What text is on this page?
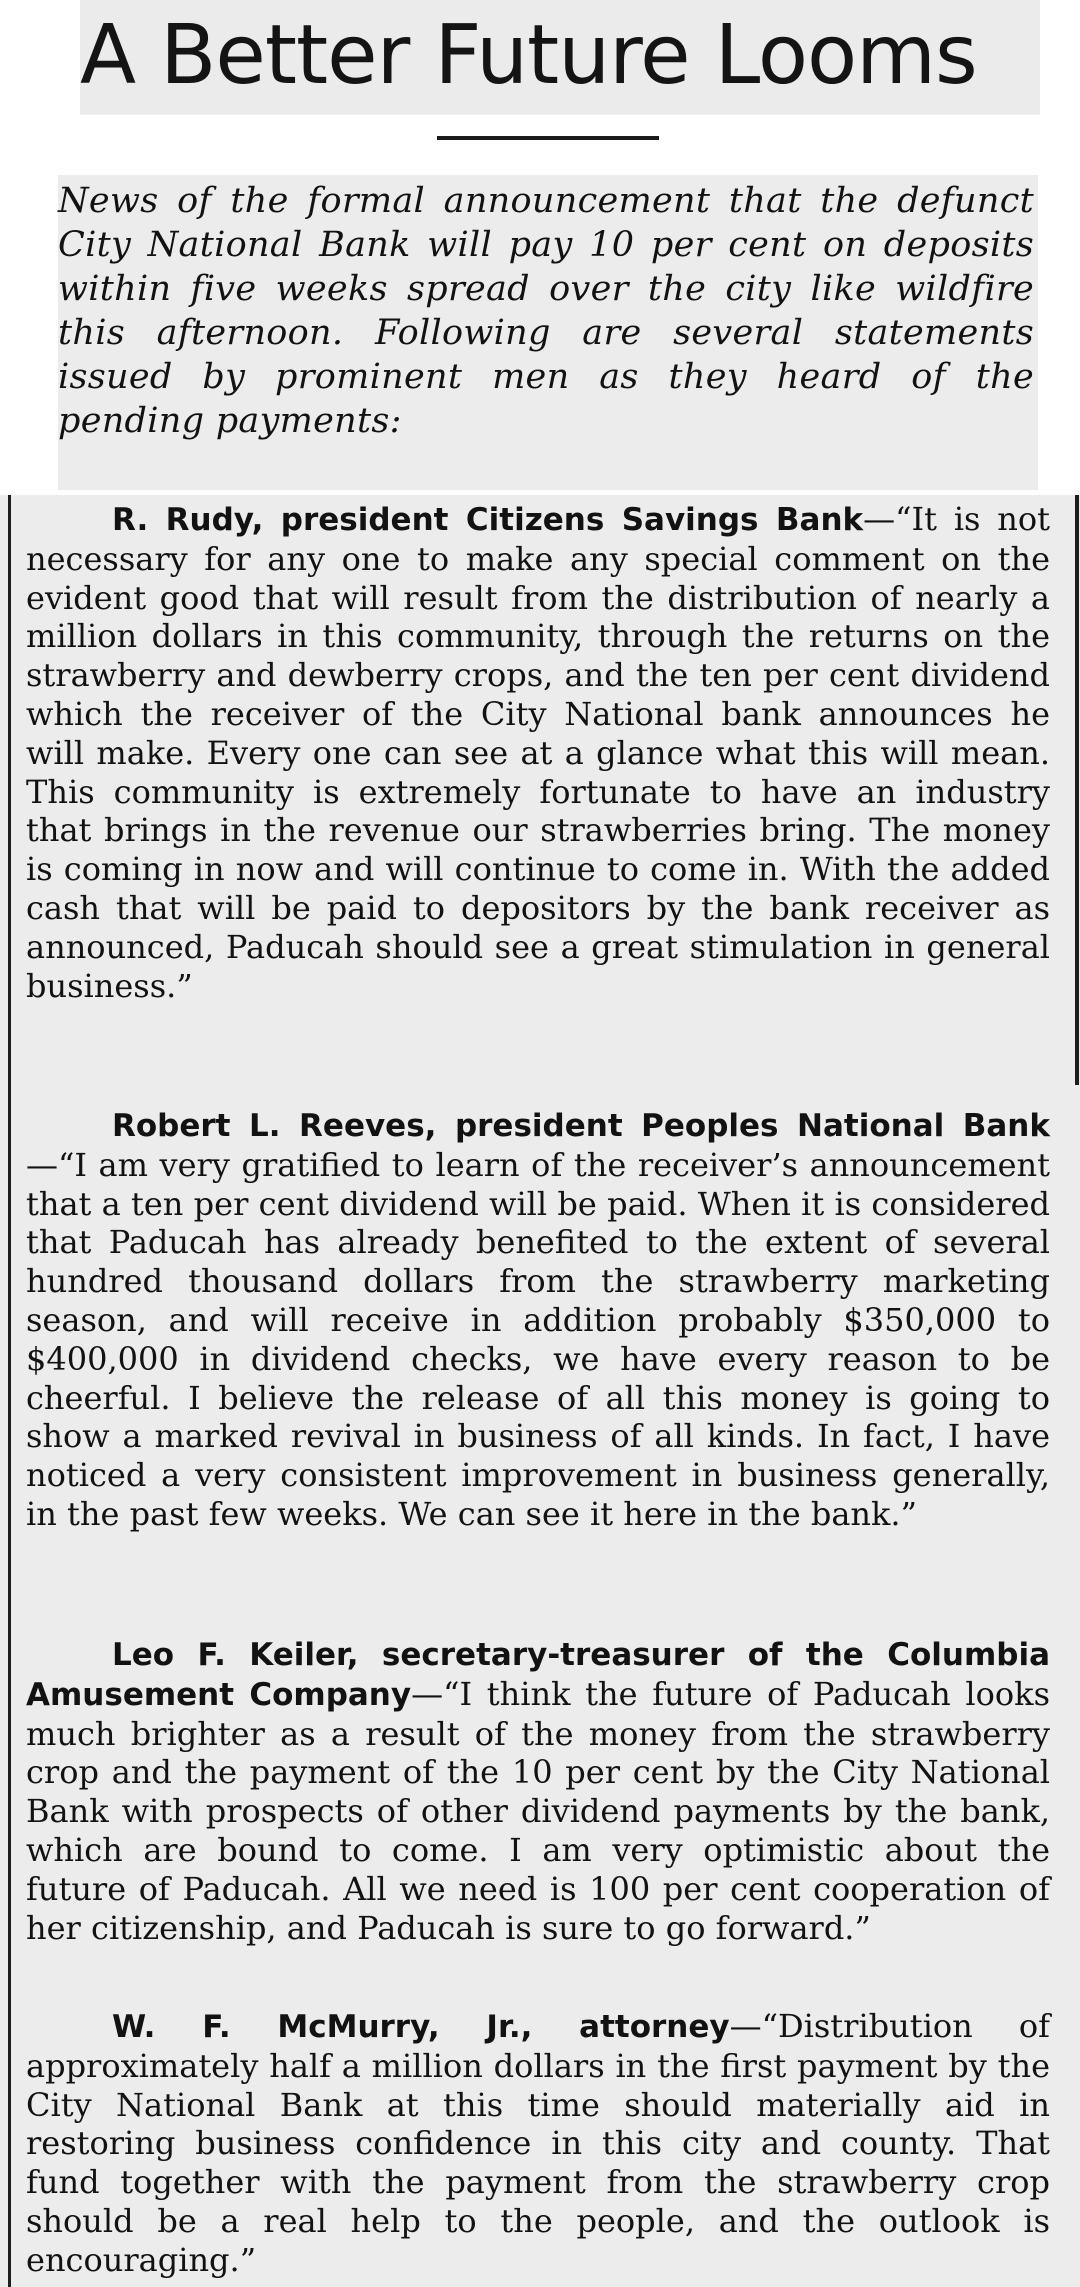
A Better Future Looms
News of the formal announcement that the defunct City National Bank will pay 10 per cent on deposits within five weeks spread over the city like wildfire this afternoon. Following are several statements issued by prominent men as they heard of the pending payments:

R. Rudy, president Citizens Savings Bank—“It is not necessary for any one to make any special comment on the evident good that will result from the distribution of nearly a million dollars in this community, through the returns on the strawberry and dewberry crops, and the ten per cent dividend which the receiver of the City National bank announces he will make. Every one can see at a glance what this will mean. This community is extremely fortunate to have an industry that brings in the revenue our strawberries bring. The money is coming in now and will continue to come in. With the added cash that will be paid to depositors by the bank receiver as announced, Paducah should see a great stimulation in general business.”

Robert L. Reeves, president Peoples National Bank—“I am very gratified to learn of the receiver’s announcement that a ten per cent dividend will be paid. When it is considered that Paducah has already benefited to the extent of several hundred thousand dollars from the strawberry marketing season, and will receive in addition probably $350,000 to $400,000 in dividend checks, we have every reason to be cheerful. I believe the release of all this money is going to show a marked revival in business of all kinds. In fact, I have noticed a very consistent improvement in business generally, in the past few weeks. We can see it here in the bank.”

Leo F. Keiler, secretary-treasurer of the Columbia Amusement Company—“I think the future of Paducah looks much brighter as a result of the money from the strawberry crop and the payment of the 10 per cent by the City National Bank with prospects of other dividend payments by the bank, which are bound to come. I am very optimistic about the future of Paducah. All we need is 100 per cent cooperation of her citizenship, and Paducah is sure to go forward.”

W. F. McMurry, Jr., attorney—“Distribution of approximately half a million dollars in the first payment by the City National Bank at this time should materially aid in restoring business confidence in this city and county. That fund together with the payment from the strawberry crop should be a real help to the people, and the outlook is encouraging.”
